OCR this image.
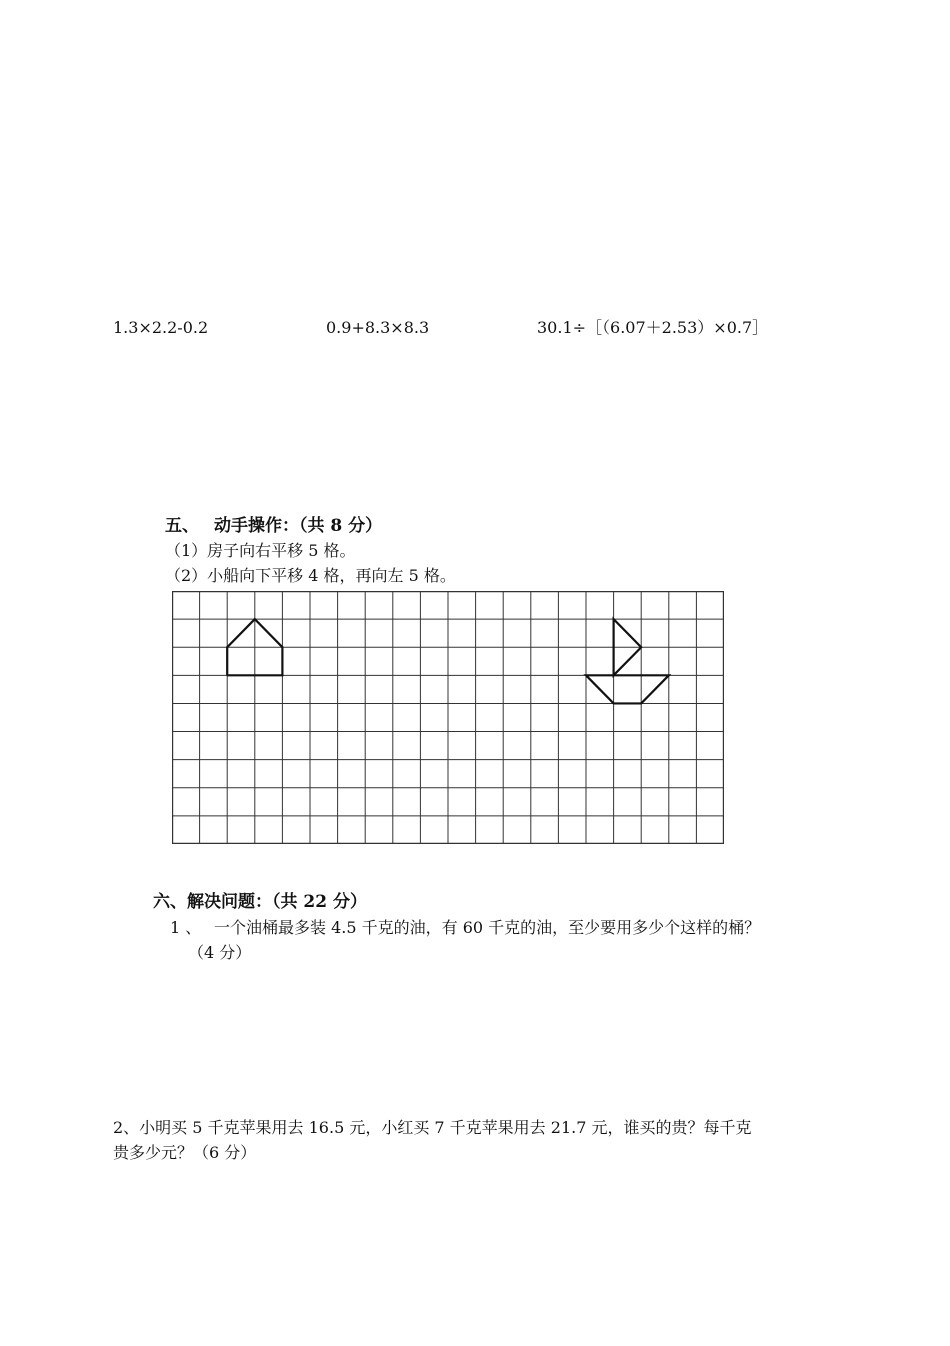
1.3×2.2-0.2	0.9+8.3×8.3	30.1÷［（6.07＋2.53）×0.7］
五、 动手操作：（共 8 分）
（1）房子向右平移 5 格。
（2）小船向下平移 4 格，再向左 5 格。
六、解决问题：（共 22 分）
1 、 一个油桶最多装 4.5 千克的油，有 60 千克的油，至少要用多少个这样的桶？
（4 分）
2、小明买 5 千克苹果用去 16.5 元，小红买 7 千克苹果用去 21.7 元，谁买的贵？每千克
贵多少元？（6 分）
